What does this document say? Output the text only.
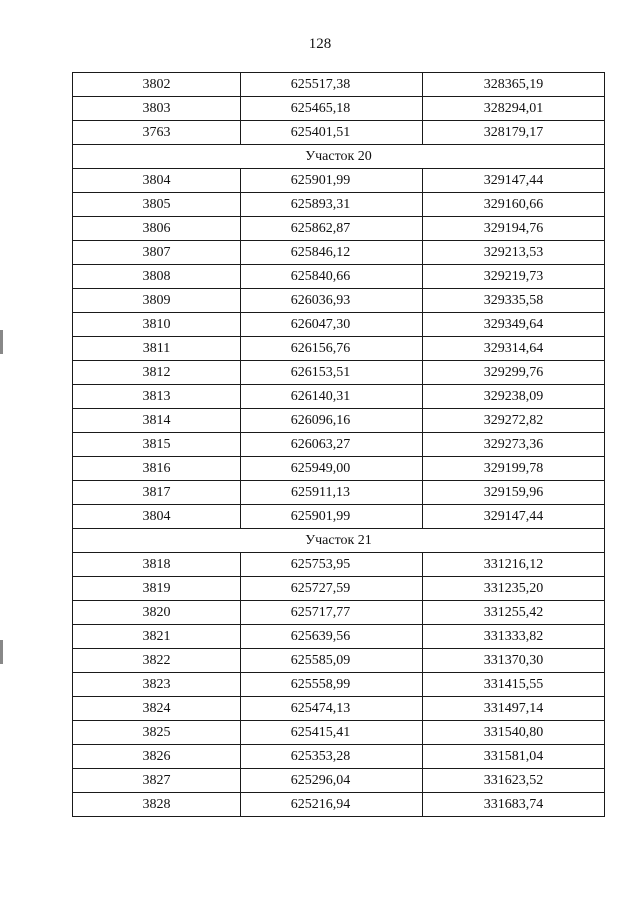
128
3802	625517,38	328365,19
3803	625465,18	328294,01
3763	625401,51	328179,17
Участок 20		
3804	625901,99	329147,44
3805	625893,31	329160,66
3806	625862,87	329194,76
3807	625846,12	329213,53
3808	625840,66	329219,73
3809	626036,93	329335,58
3810	626047,30	329349,64
3811	626156,76	329314,64
3812	626153,51	329299,76
3813	626140,31	329238,09
3814	626096,16	329272,82
3815	626063,27	329273,36
3816	625949,00	329199,78
3817	625911,13	329159,96
3804	625901,99	329147,44
Участок 21		
3818	625753,95	331216,12
3819	625727,59	331235,20
3820	625717,77	331255,42
3821	625639,56	331333,82
3822	625585,09	331370,30
3823	625558,99	331415,55
3824	625474,13	331497,14
3825	625415,41	331540,80
3826	625353,28	331581,04
3827	625296,04	331623,52
3828	625216,94	331683,74
